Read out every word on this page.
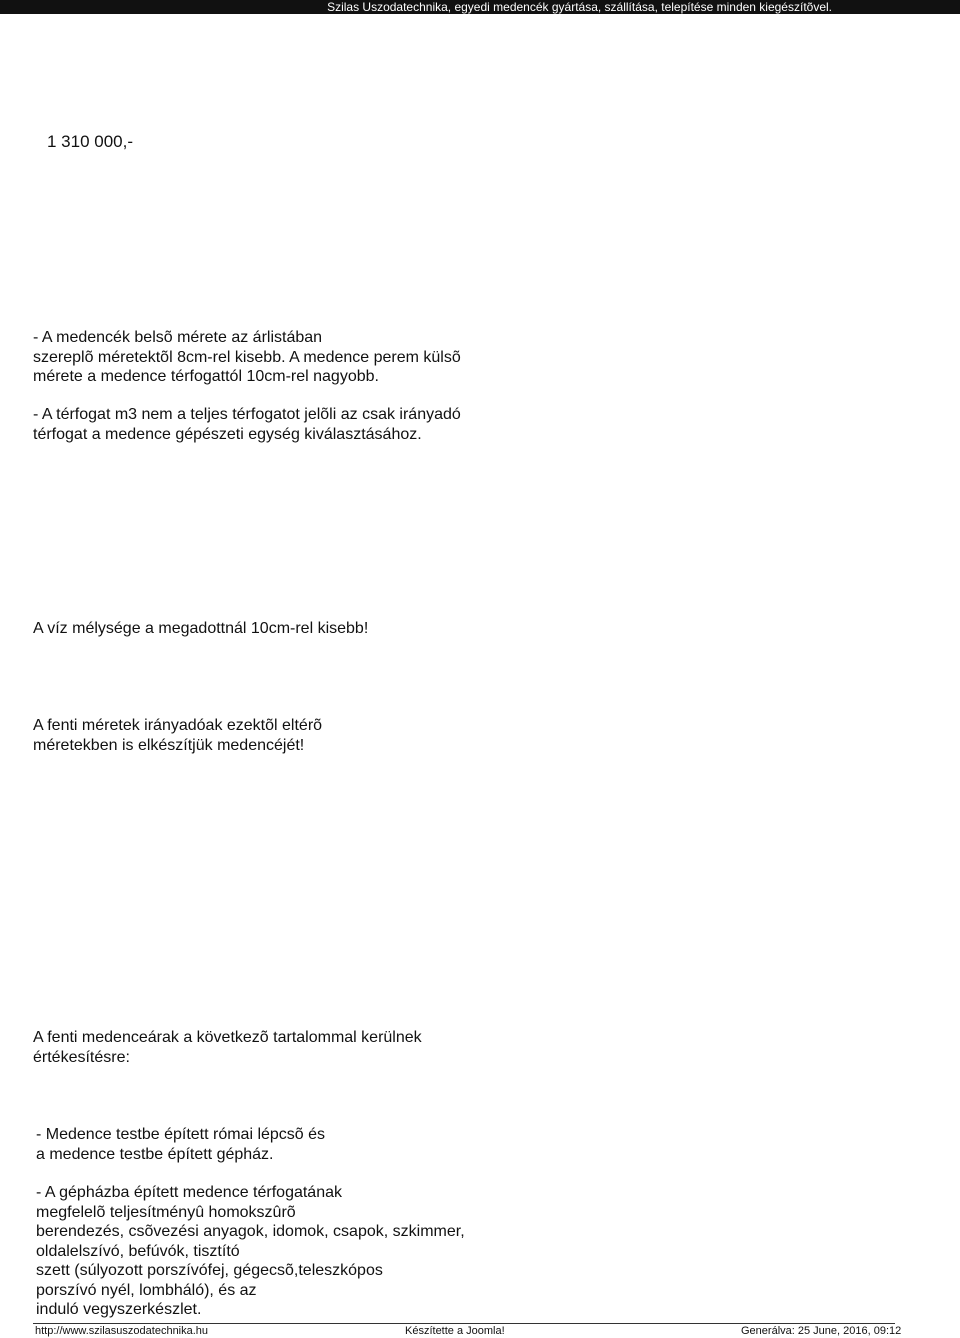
Szilas Uszodatechnika, egyedi medencék gyártása, szállítása, telepítése minden kiegészítõvel.
1 310 000,-
- A medencék belsõ mérete az árlistában
szereplõ méretektõl 8cm-rel kisebb. A medence perem külsõ
mérete a medence térfogattól 10cm-rel nagyobb.
- A térfogat m3 nem a teljes térfogatot jelõli az csak irányadó
térfogat a medence gépészeti egység kiválasztásához.
A víz mélysége a megadottnál 10cm-rel kisebb!
A fenti méretek irányadóak ezektõl eltérõ
méretekben is elkészítjük medencéjét!
A fenti medenceárak a következõ tartalommal kerülnek
értékesítésre:
- Medence testbe épített római lépcsõ és
a medence testbe épített gépház.
- A gépházba épített medence térfogatának
megfelelõ teljesítményû homokszûrõ
berendezés, csõvezési anyagok, idomok, csapok, szkimmer,
oldalelszívó, befúvók, tisztító
szett (súlyozott porszívófej, gégecsõ,teleszkópos
porszívó nyél, lombháló), és az
induló vegyszerkészlet.
http://www.szilasuszodatechnika.hu	Készítette a Joomla!	Generálva: 25 June, 2016, 09:12
